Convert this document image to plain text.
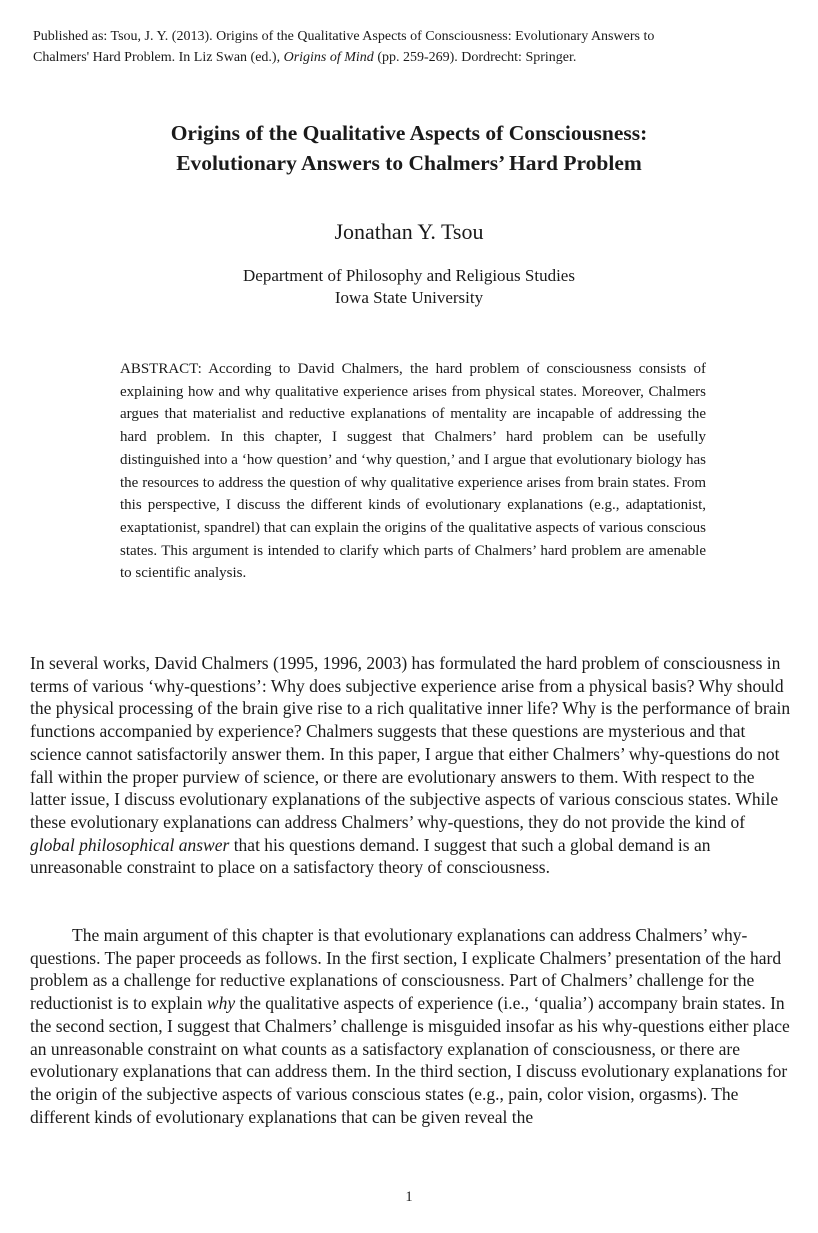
Published as: Tsou, J. Y. (2013). Origins of the Qualitative Aspects of Consciousness: Evolutionary Answers to
Chalmers' Hard Problem. In Liz Swan (ed.), Origins of Mind (pp. 259-269). Dordrecht: Springer.
Origins of the Qualitative Aspects of Consciousness:
Evolutionary Answers to Chalmers’ Hard Problem
Jonathan Y. Tsou
Department of Philosophy and Religious Studies
Iowa State University
ABSTRACT: According to David Chalmers, the hard problem of consciousness consists of explaining how and why qualitative experience arises from physical states. Moreover, Chalmers argues that materialist and reductive explanations of mentality are incapable of addressing the hard problem. In this chapter, I suggest that Chalmers’ hard problem can be usefully distinguished into a ‘how question’ and ‘why question,’ and I argue that evolutionary biology has the resources to address the question of why qualitative experience arises from brain states. From this perspective, I discuss the different kinds of evolutionary explanations (e.g., adaptationist, exaptationist, spandrel) that can explain the origins of the qualitative aspects of various conscious states. This argument is intended to clarify which parts of Chalmers’ hard problem are amenable to scientific analysis.

In several works, David Chalmers (1995, 1996, 2003) has formulated the hard problem of consciousness in terms of various ‘why-questions’: Why does subjective experience arise from a physical basis? Why should the physical processing of the brain give rise to a rich qualitative inner life? Why is the performance of brain functions accompanied by experience? Chalmers suggests that these questions are mysterious and that science cannot satisfactorily answer them. In this paper, I argue that either Chalmers’ why-questions do not fall within the proper purview of science, or there are evolutionary answers to them. With respect to the latter issue, I discuss evolutionary explanations of the subjective aspects of various conscious states. While these evolutionary explanations can address Chalmers’ why-questions, they do not provide the kind of global philosophical answer that his questions demand. I suggest that such a global demand is an unreasonable constraint to place on a satisfactory theory of consciousness.

The main argument of this chapter is that evolutionary explanations can address Chalmers’ why-questions. The paper proceeds as follows. In the first section, I explicate Chalmers’ presentation of the hard problem as a challenge for reductive explanations of consciousness. Part of Chalmers’ challenge for the reductionist is to explain why the qualitative aspects of experience (i.e., ‘qualia’) accompany brain states. In the second section, I suggest that Chalmers’ challenge is misguided insofar as his why-questions either place an unreasonable constraint on what counts as a satisfactory explanation of consciousness, or there are evolutionary explanations that can address them. In the third section, I discuss evolutionary explanations for the origin of the subjective aspects of various conscious states (e.g., pain, color vision, orgasms). The different kinds of evolutionary explanations that can be given reveal the

1
